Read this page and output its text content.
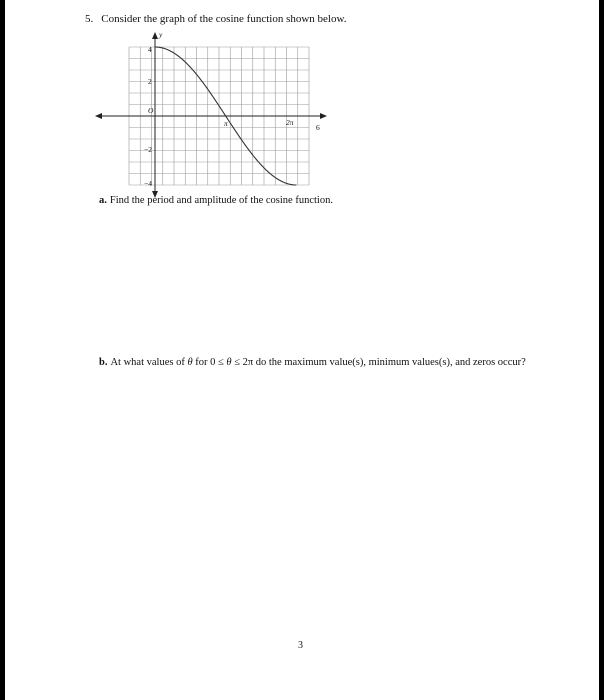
5. Consider the graph of the cosine function shown below.
4
2
O
−2
−4
y
π	2π
6
a. Find the period and amplitude of the cosine function.
b. At what values of θ for 0 ≤ θ ≤ 2π do the maximum value(s), minimum values(s), and zeros occur?
3
